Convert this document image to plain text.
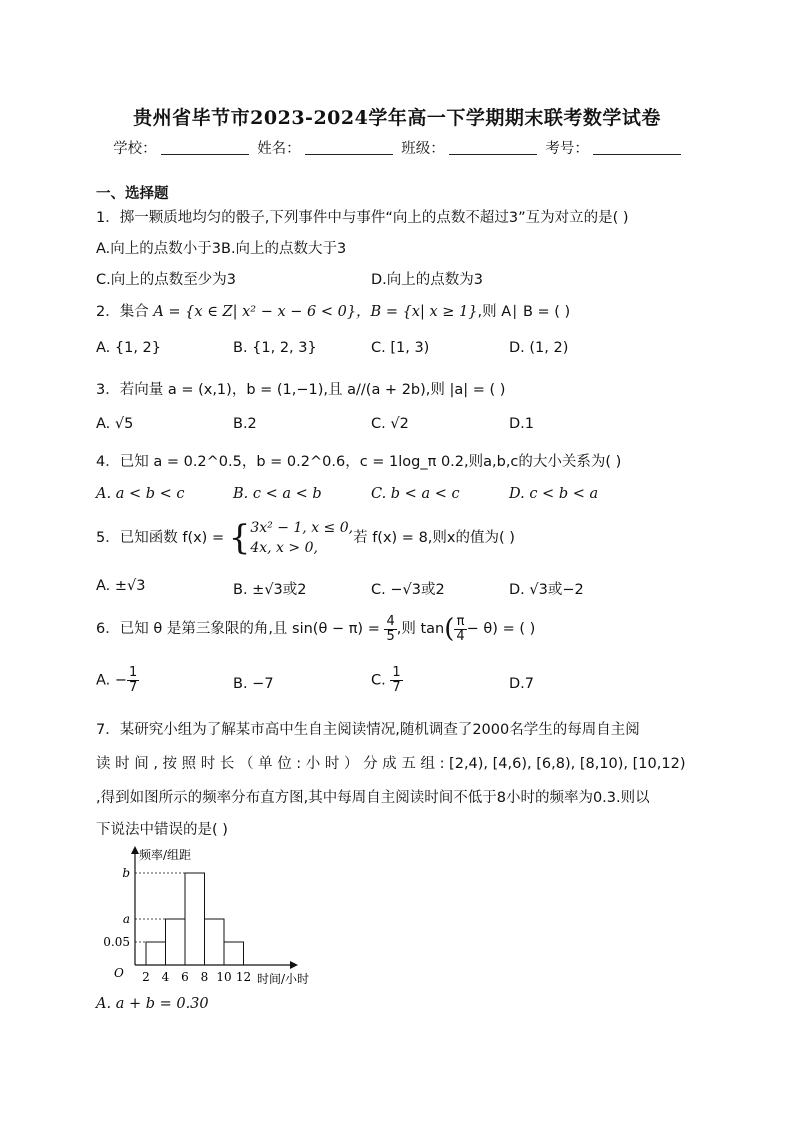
贵州省毕节市2023-2024学年高一下学期期末联考数学试卷
学校：	姓名：	班级：	考号：
一、选择题
1．掷一颗质地均匀的骰子,下列事件中与事件“向上的点数不超过3”互为对立的是( )
A.向上的点数小于3B.向上的点数大于3
C.向上的点数至少为3	D.向上的点数为3
2．集合 A = {x ∈ Z| x² − x − 6 < 0}，B = {x| x ≥ 1},则 A∣ B = ( )
A. {1, 2}	B. {1, 2, 3}	C. [1, 3)	D. (1, 2)
3．若向量 a = (x,1)，b = (1,−1),且 a//(a + 2b),则 |a| = ( )
A. √5	B.2	C. √2	D.1
4．已知 a = 0.2^0.5，b = 0.2^0.6，c = 1log_π 0.2,则a,b,c的大小关系为( )
A. a < b < c	B. c < a < b	C. b < a < c	D. c < b < a
5．已知函数 f(x) = { 3x² − 1, x ≤ 0,
4x, x > 0,
若 f(x) = 8,则x的值为( )
A. ±√3	B. ±√3或2	C. −√3或2	D. √3或−2
6．已知 θ 是第三象限的角,且 $\sin(\theta - \pi) = \frac{4}{5}$ ,则 $\tan( \frac{\pi}{4} - \theta)$ = ( )
A. − $\frac{1}{7}$	B. −7	C. $\frac{1}{7}$	D.7
7．某研究小组为了解某市高中生自主阅读情况,随机调查了2000名学生的每周自主阅
读 时 间 , 按 照 时 长 （ 单 位 : 小 时 ） 分 成 五 组 : [2,4), [4,6), [6,8), [8,10), [10,12)
,得到如图所示的频率分布直方图,其中每周自主阅读时间不低于8小时的频率为0.3.则以
下说法中错误的是( )
频率/组距
O
0.05
a
b
2 4 6 8 10 12 时间/小时
A. a + b = 0.30
